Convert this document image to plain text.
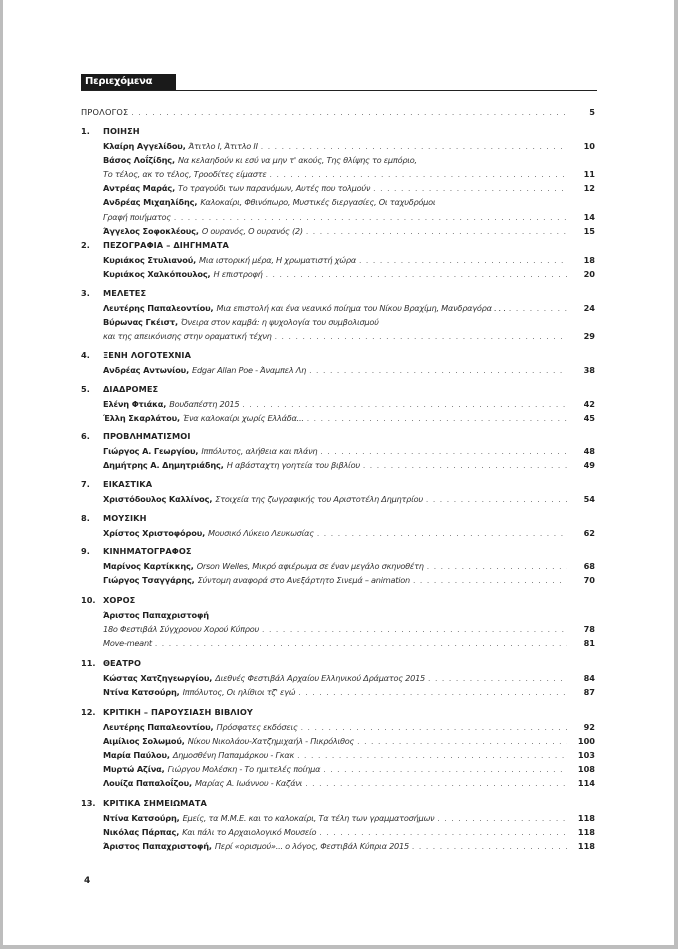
Περιεχόμενα
ΠΡΟΛΟΓΟΣ . . .	5
1.	ΠΟΙΗΣΗ
Κλαίρη Αγγελίδου , Άτιτλο Ι, Άτιτλο ΙΙ . . .	10
Βάσος Λοΐζίδης , Να κελαηδούν κι εσύ να μην τ' ακούς, Της θλίψης το εμπόριο,
Το τέλος, ακ το τέλος, Τροοδίτες είμαστε . . .	11
Αντρέας Μαράς , Το τραγούδι των παρανόμων, Αυτές που τολμούν . . .	12
Ανδρέας Μιχαηλίδης , Καλοκαίρι, Φθινόπωρο, Μυστικές διεργασίες, Οι ταχυδρόμοι
Γραφή ποιήματος . . .	14
Άγγελος Σοφοκλέους , Ο ουρανός, Ο ουρανός (2) . . .	15
2.	ΠΕΖΟΓΡΑΦΙΑ – ΔΙΗΓΗΜΑΤΑ
Κυριάκος Στυλιανού , Μια ιστορική μέρα, Η χρωματιστή χώρα . . .	18
Κυριάκος Χαλκόπουλος , Η επιστροφή . . .	20
3.	ΜΕΛΕΤΕΣ
Λευτέρης Παπαλεοντίου , Μια επιστολή και ένα νεανικό ποίημα του Νίκου Βραχίμη, Μανδραγόρα . . . . . .	24
Βύρωνας Γκέιστ , Όνειρα στον καμβά: η ψυχολογία του συμβολισμού
και της απεικόνισης στην οραματική τέχνη . . .	29
4.	ΞΕΝΗ ΛΟΓΟΤΕΧΝΙΑ
Ανδρέας Αντωνίου , Edgar Allan Poe - Άναμπελ Λη . . .	38
5.	ΔΙΑΔΡΟΜΕΣ
Ελένη Φτιάκα , Βουδαπέστη 2015 . . .	42
Έλλη Σκαρλάτου , Ένα καλοκαίρι χωρίς Ελλάδα... . . .	45
6.	ΠΡΟΒΛΗΜΑΤΙΣΜΟΙ
Γιώργος Α. Γεωργίου , Ιππόλυτος, αλήθεια και πλάνη . . .	48
Δημήτρης Α. Δημητριάδης , Η αβάσταχτη γοητεία του βιβλίου . . .	49
7.	ΕΙΚΑΣΤΙΚΑ
Χριστόδουλος Καλλίνος , Στοιχεία της ζωγραφικής του Αριστοτέλη Δημητρίου . . .	54
8.	ΜΟΥΣΙΚΗ
Χρίστος Χριστοφόρου , Μουσικό Λύκειο Λευκωσίας . . .	62
9.	ΚΙΝΗΜΑΤΟΓΡΑΦΟΣ
Μαρίνος Καρτίκκης , Orson Welles, Μικρό αφιέρωμα σε έναν μεγάλο σκηνοθέτη . . .	68
Γιώργος Τσαγγάρης , Σύντομη αναφορά στο Ανεξάρτητο Σινεμά – animation . . .	70
10. ΧΟΡΟΣ
Άριστος Παπαχριστοφή
18ο Φεστιβάλ Σύγχρονου Χορού Κύπρου . . .	78
Move-meant . . .	81
11. ΘΕΑΤΡΟ
Κώστας Χατζηγεωργίου , Διεθνές Φεστιβάλ Αρχαίου Ελληνικού Δράματος 2015 . . .	84
Ντίνα Κατσούρη , Ιππόλυτος, Οι ηλίθιοι τζ' εγώ . . .	87
12. ΚΡΙΤΙΚΗ – ΠΑΡΟΥΣΙΑΣΗ ΒΙΒΛΙΟΥ
Λευτέρης Παπαλεοντίου , Πρόσφατες εκδόσεις . . .	92
Αιμίλιος Σολωμού , Νίκου Νικολάου-Χατζημιχαήλ - Πικρόλιθος . . .	100
Μαρία Παύλου , Δημοσθένη Παπαμάρκου - Γκακ . . .	103
Μυρτώ Αζίνα , Γιώργου Μολέσκη - Το ημιτελές ποίημα . . .	108
Λουίζα Παπαλοΐζου , Μαρίας Α. Ιωάννου - Καζάνι . . .	114
13. ΚΡΙΤΙΚΑ ΣΗΜΕΙΩΜΑΤΑ
Ντίνα Κατσούρη , Εμείς, τα Μ.Μ.Ε. και το καλοκαίρι, Τα τέλη των γραμματοσήμων . . .	118
Νικόλας Πάρπας , Και πάλι το Αρχαιολογικό Μουσείο . . .	118
Άριστος Παπαχριστοφή , Περί «ορισμού»... ο λόγος, Φεστιβάλ Κύπρια 2015 . . .	118
4
